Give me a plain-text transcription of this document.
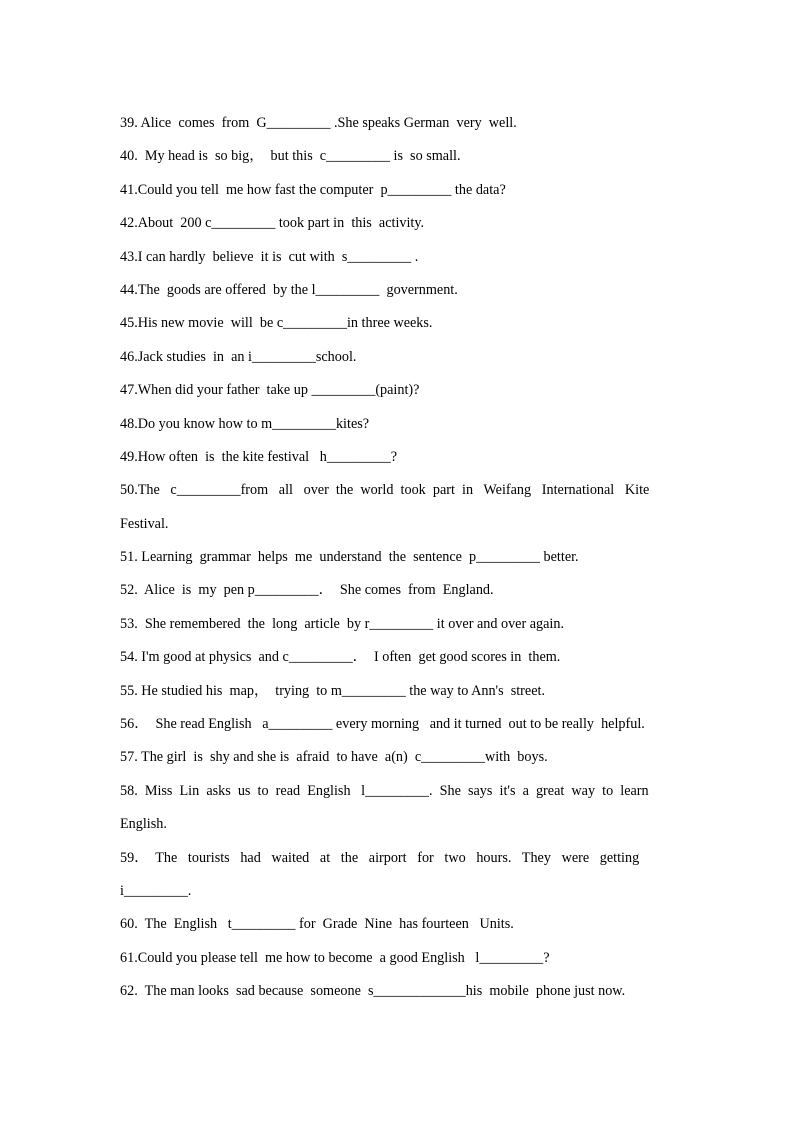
39. Alice  comes  from  G_________ .She speaks German  very  well.
40.  My head is  so big，  but this  c_________ is  so small.
41.Could you tell  me how fast the computer  p_________ the data?
42.About  200 c_________ took part in  this  activity.
43.I can hardly  believe  it is  cut with  s_________ .
44.The  goods are offered  by the l_________  government.
45.His new movie  will  be c_________in three weeks.
46.Jack studies  in  an i_________school.
47.When did your father  take up _________(paint)?
48.Do you know how to m_________kites?
49.How often  is  the kite festival   h_________?
50.The   c_________from   all   over  the  world  took  part  in   Weifang   International   Kite
Festival.
51. Learning  grammar  helps  me  understand  the  sentence  p_________ better.
52.  Alice  is  my  pen p_________．  She comes  from  England.
53.  She remembered  the  long  article  by r_________ it over and over again.
54. I'm good at physics  and c_________．  I often  get good scores in  them.
55. He studied his  map，  trying  to m_________ the way to Ann's  street.
56．  She read English   a_________ every morning   and it turned  out to be really  helpful.
57. The girl  is  shy and she is  afraid  to have  a(n)  c_________with  boys.
58.  Miss  Lin  asks  us  to  read  English   l_________.  She  says  it's  a  great  way  to  learn
English.
59．  The   tourists   had   waited   at   the   airport   for   two   hours.   They   were   getting
i_________.
60.  The  English   t_________ for  Grade  Nine  has fourteen   Units.
61.Could you please tell  me how to become  a good English   l_________?
62.  The man looks  sad because  someone  s_____________his  mobile  phone just now.
